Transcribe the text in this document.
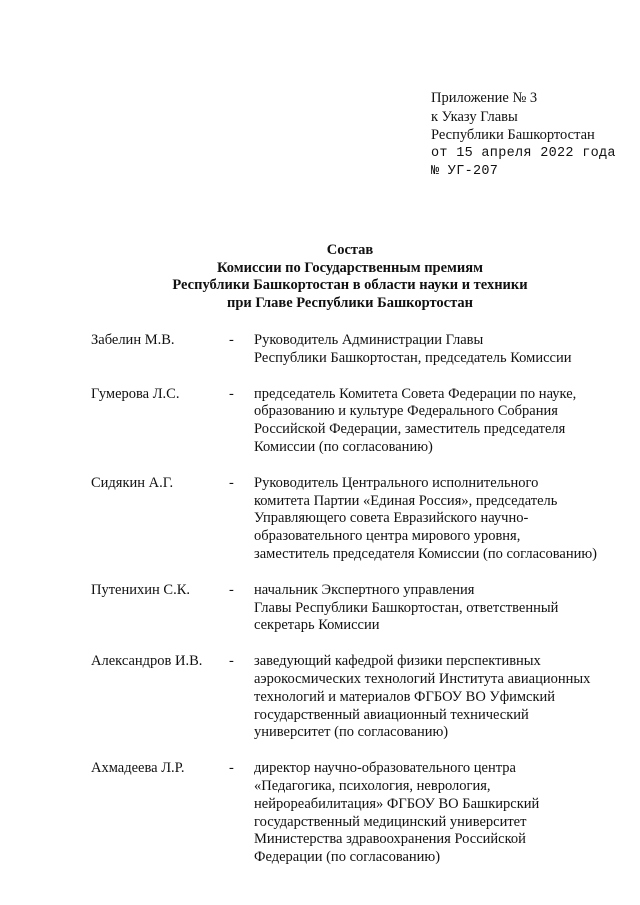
Приложение № 3
к Указу Главы
Республики Башкортостан
от 15 апреля 2022 года
№ УГ-207
Состав
Комиссии по Государственным премиям
Республики Башкортостан в области науки и техники
при Главе Республики Башкортостан
Забелин М.В.	- Руководитель Администрации Главы
Республики Башкортостан, председатель Комиссии
Гумерова Л.С.	- председатель Комитета Совета Федерации по науке,
образованию и культуре Федерального Собрания
Российской Федерации, заместитель председателя
Комиссии (по согласованию)
Сидякин А.Г.	- Руководитель Центрального исполнительного
комитета Партии «Единая Россия», председатель
Управляющего совета Евразийского научно-
образовательного центра мирового уровня,
заместитель председателя Комиссии (по согласованию)
Путенихин С.К.	- начальник Экспертного управления
Главы Республики Башкортостан, ответственный
секретарь Комиссии
Александров И.В. - заведующий кафедрой физики перспективных
аэрокосмических технологий Института авиационных
технологий и материалов ФГБОУ ВО Уфимский
государственный авиационный технический
университет (по согласованию)
Ахмадеева Л.Р.	- директор научно-образовательного центра
«Педагогика, психология, неврология,
нейрореабилитация» ФГБОУ ВО Башкирский
государственный медицинский университет
Министерства здравоохранения Российской
Федерации (по согласованию)
